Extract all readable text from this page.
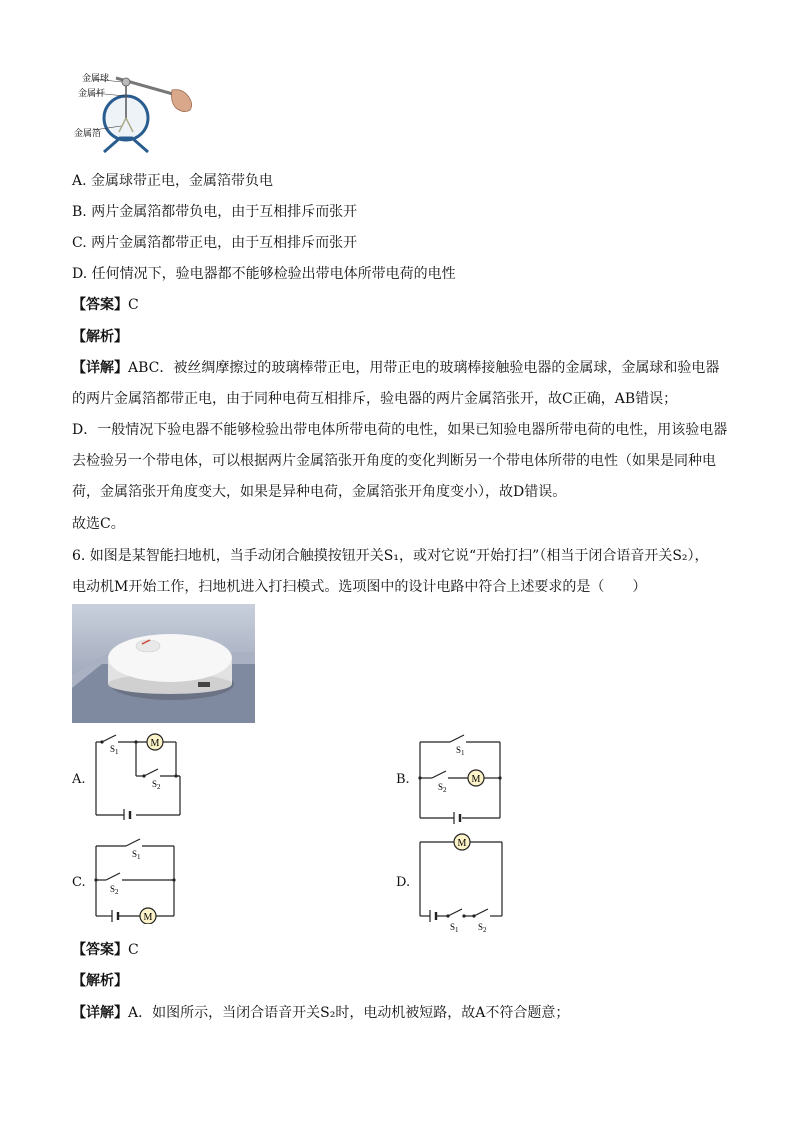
金属球
金属杆
金属箔
A. 金属球带正电，金属箔带负电
B. 两片金属箔都带负电，由于互相排斥而张开
C. 两片金属箔都带正电，由于互相排斥而张开
D. 任何情况下，验电器都不能够检验出带电体所带电荷的电性
【答案】C
【解析】
【详解】ABC．被丝绸摩擦过的玻璃棒带正电，用带正电的玻璃棒接触验电器的金属球，金属球和验电器
的两片金属箔都带正电，由于同种电荷互相排斥，验电器的两片金属箔张开，故C正确，AB错误；
D．一般情况下验电器不能够检验出带电体所带电荷的电性，如果已知验电器所带电荷的电性，用该验电器
去检验另一个带电体，可以根据两片金属箔张开角度的变化判断另一个带电体所带的电性（如果是同种电
荷，金属箔张开角度变大，如果是异种电荷，金属箔张开角度变小），故D错误。
故选C。
6. 如图是某智能扫地机，当手动闭合触摸按钮开关S₁，或对它说“开始打扫”（相当于闭合语音开关S₂），
电动机M开始工作，扫地机进入打扫模式。选项图中的设计电路中符合上述要求的是（　　）
A.
M
$S_1$
$S_2$	B.	M
$S_1$
$S_2$
C.
M
$S_1$
$S_2$
D.
M
$S_1$ $S_2$
【答案】C
【解析】
【详解】A．如图所示，当闭合语音开关S₂时，电动机被短路，故A不符合题意；
